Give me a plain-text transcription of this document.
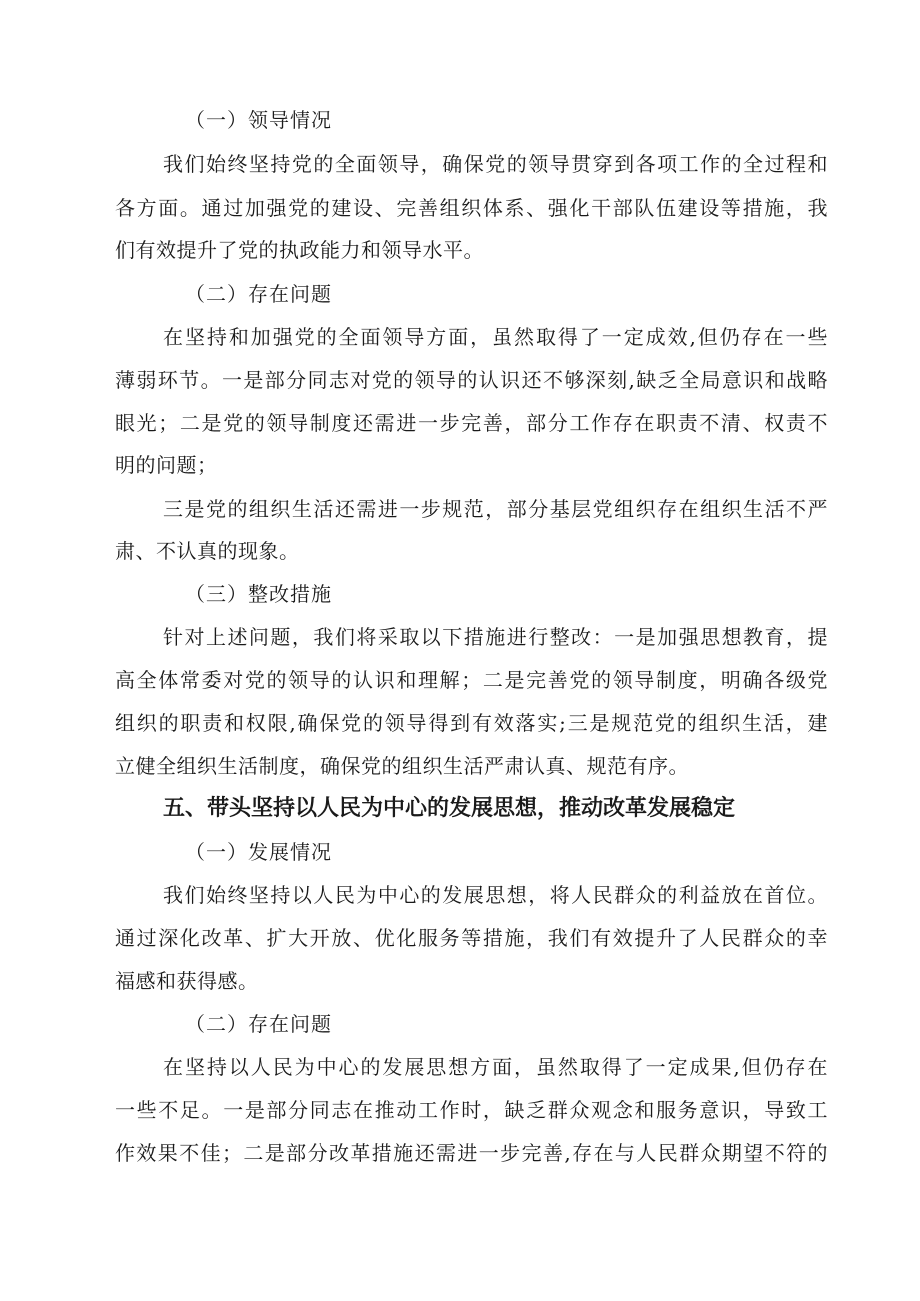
（一）领导情况
我们始终坚持党的全面领导，确保党的领导贯穿到各项工作的全过程和
各方面。通过加强党的建设、完善组织体系、强化干部队伍建设等措施，我
们有效提升了党的执政能力和领导水平。
（二）存在问题
在坚持和加强党的全面领导方面，虽然取得了一定成效,但仍存在一些
薄弱环节。一是部分同志对党的领导的认识还不够深刻,缺乏全局意识和战略
眼光；二是党的领导制度还需进一步完善，部分工作存在职责不清、权责不
明的问题；
三是党的组织生活还需进一步规范，部分基层党组织存在组织生活不严
肃、不认真的现象。
（三）整改措施
针对上述问题，我们将采取以下措施进行整改：一是加强思想教育，提
高全体常委对党的领导的认识和理解；二是完善党的领导制度，明确各级党
组织的职责和权限,确保党的领导得到有效落实;三是规范党的组织生活，建
立健全组织生活制度，确保党的组织生活严肃认真、规范有序。
五、带头坚持以人民为中心的发展思想，推动改革发展稳定
（一）发展情况
我们始终坚持以人民为中心的发展思想，将人民群众的利益放在首位。
通过深化改革、扩大开放、优化服务等措施，我们有效提升了人民群众的幸
福感和获得感。
（二）存在问题
在坚持以人民为中心的发展思想方面，虽然取得了一定成果,但仍存在
一些不足。一是部分同志在推动工作时，缺乏群众观念和服务意识，导致工
作效果不佳；二是部分改革措施还需进一步完善,存在与人民群众期望不符的
